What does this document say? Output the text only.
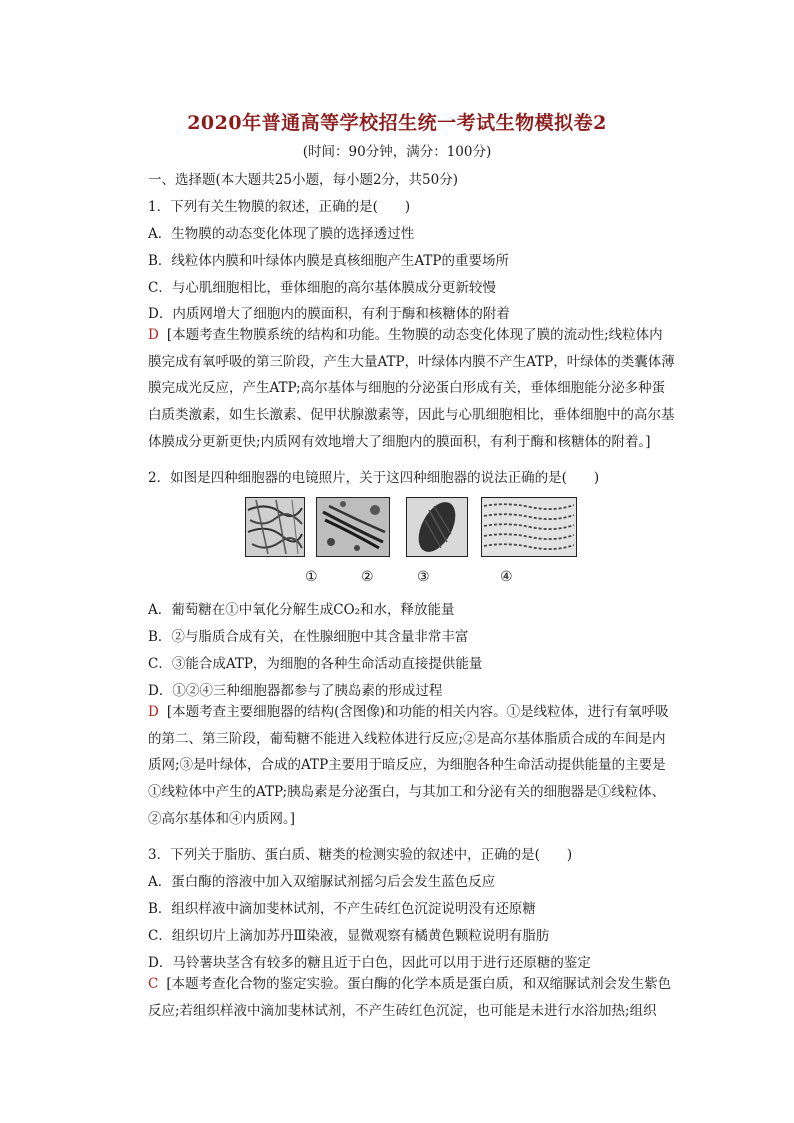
2020年普通高等学校招生统一考试生物模拟卷2
(时间：90分钟，满分：100分)
一、选择题(本大题共25小题，每小题2分，共50分)
1．下列有关生物膜的叙述，正确的是(　　)
A．生物膜的动态变化体现了膜的选择透过性
B．线粒体内膜和叶绿体内膜是真核细胞产生ATP的重要场所
C．与心肌细胞相比，垂体细胞的高尔基体膜成分更新较慢
D．内质网增大了细胞内的膜面积，有利于酶和核糖体的附着
D [本题考查生物膜系统的结构和功能。生物膜的动态变化体现了膜的流动性;线粒体内膜完成有氧呼吸的第三阶段，产生大量ATP，叶绿体内膜不产生ATP，叶绿体的类囊体薄膜完成光反应，产生ATP;高尔基体与细胞的分泌蛋白形成有关，垂体细胞能分泌多种蛋白质类激素，如生长激素、促甲状腺激素等，因此与心肌细胞相比，垂体细胞中的高尔基体膜成分更新更快;内质网有效地增大了细胞内的膜面积，有利于酶和核糖体的附着。]
2．如图是四种细胞器的电镜照片，关于这四种细胞器的说法正确的是(　　)
①	②	③	④
A．葡萄糖在①中氧化分解生成CO₂和水，释放能量
B．②与脂质合成有关，在性腺细胞中其含量非常丰富
C．③能合成ATP，为细胞的各种生命活动直接提供能量
D．①②④三种细胞器都参与了胰岛素的形成过程
D [本题考查主要细胞器的结构(含图像)和功能的相关内容。①是线粒体，进行有氧呼吸的第二、第三阶段，葡萄糖不能进入线粒体进行反应;②是高尔基体脂质合成的车间是内质网;③是叶绿体，合成的ATP主要用于暗反应，为细胞各种生命活动提供能量的主要是①线粒体中产生的ATP;胰岛素是分泌蛋白，与其加工和分泌有关的细胞器是①线粒体、②高尔基体和④内质网。]
3．下列关于脂肪、蛋白质、糖类的检测实验的叙述中，正确的是(　　)
A．蛋白酶的溶液中加入双缩脲试剂摇匀后会发生蓝色反应
B．组织样液中滴加斐林试剂，不产生砖红色沉淀说明没有还原糖
C．组织切片上滴加苏丹Ⅲ染液，显微观察有橘黄色颗粒说明有脂肪
D．马铃薯块茎含有较多的糖且近于白色，因此可以用于进行还原糖的鉴定
C [本题考查化合物的鉴定实验。蛋白酶的化学本质是蛋白质，和双缩脲试剂会发生紫色反应;若组织样液中滴加斐林试剂，不产生砖红色沉淀，也可能是未进行水浴加热;组织
